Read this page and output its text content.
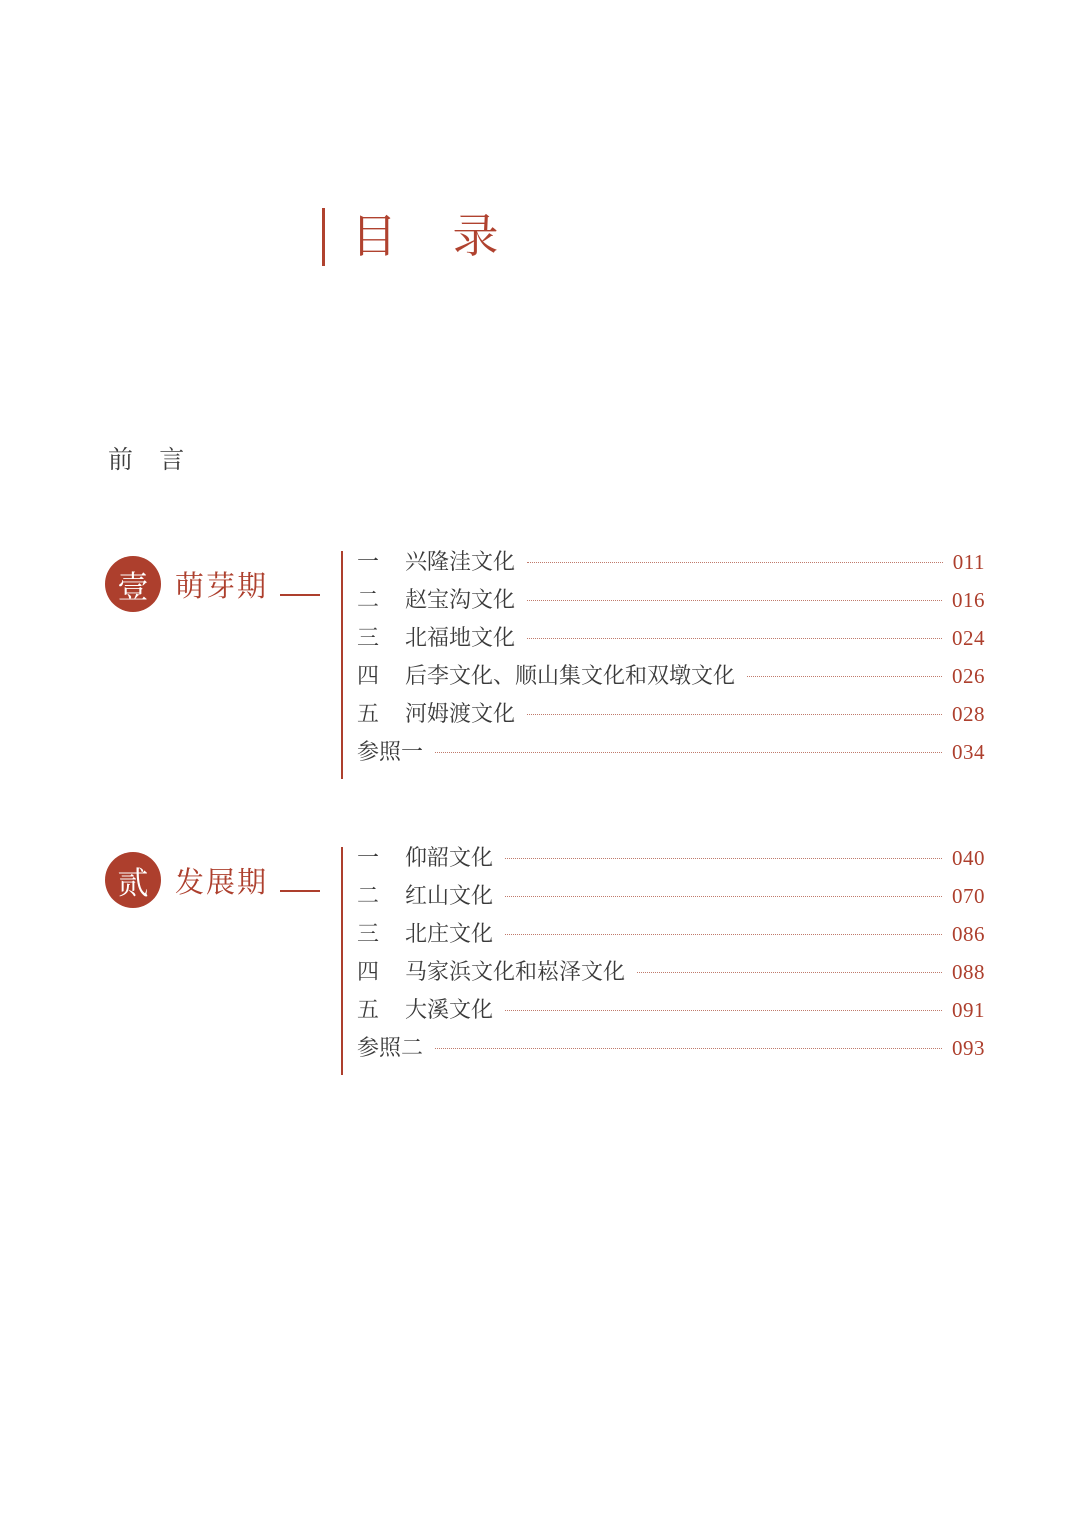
目 录
前 言
壹 萌芽期
一	兴隆洼文化	011
二	赵宝沟文化	016
三	北福地文化	024
四	后李文化、顺山集文化和双墩文化	026
五	河姆渡文化	028
参照一	034
贰 发展期
一	仰韶文化	040
二	红山文化	070
三	北庄文化	086
四	马家浜文化和崧泽文化	088
五	大溪文化	091
参照二	093
